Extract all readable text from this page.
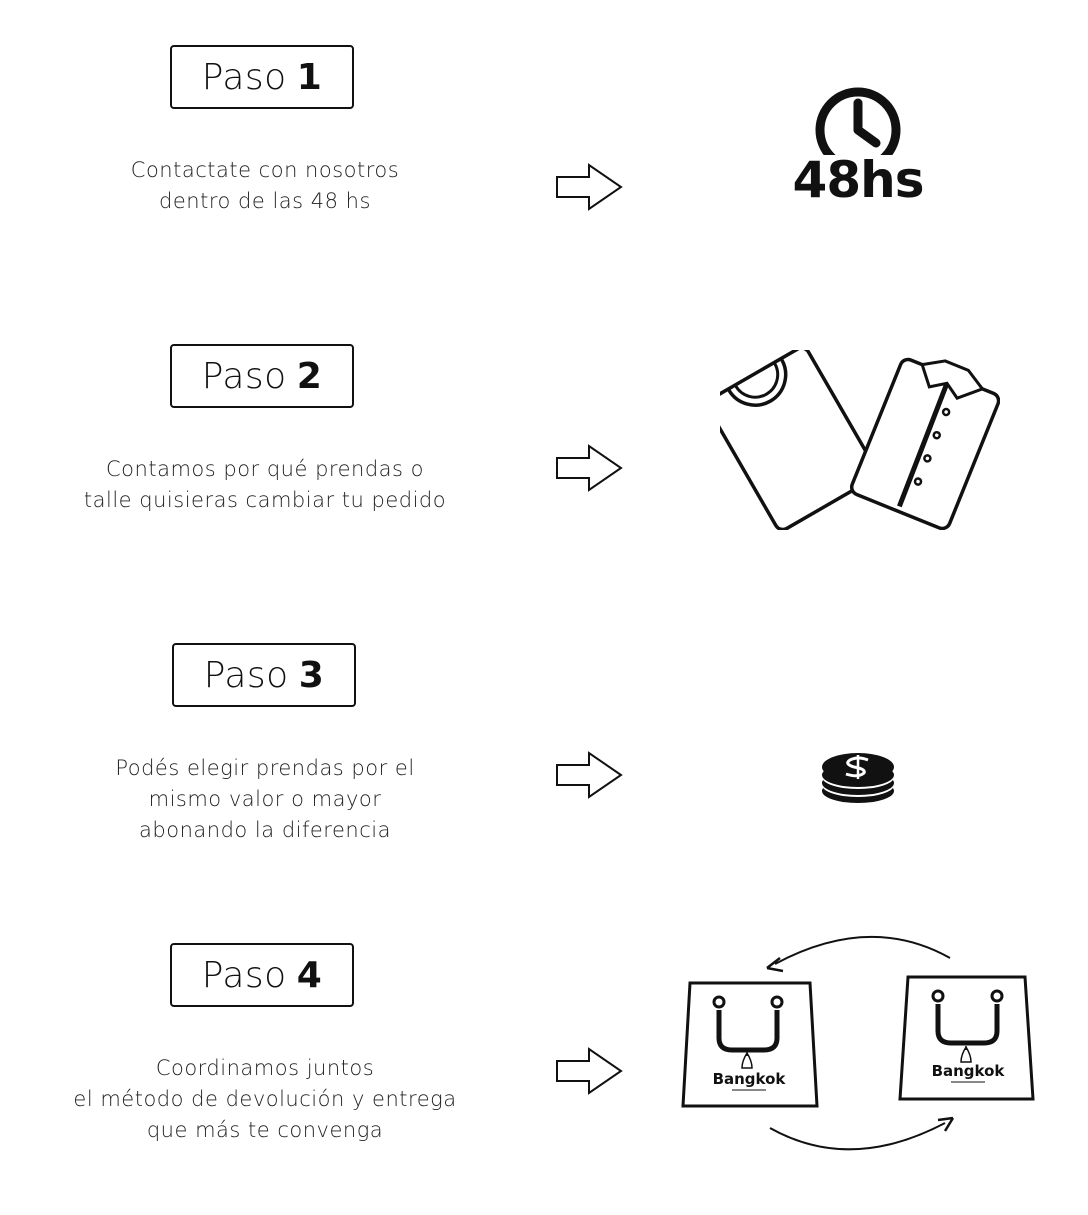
Paso 1
Contactate con nosotros
dentro de las 48 hs	48hs
Paso 2
Contamos por qué prendas o
talle quisieras cambiar tu pedido
Paso 3
Podés elegir prendas por el
mismo valor o mayor
abonando la diferencia
Paso 4
Coordinamos juntos
el método de devolución y entrega
que más te convenga
Bangkok	Bangkok
